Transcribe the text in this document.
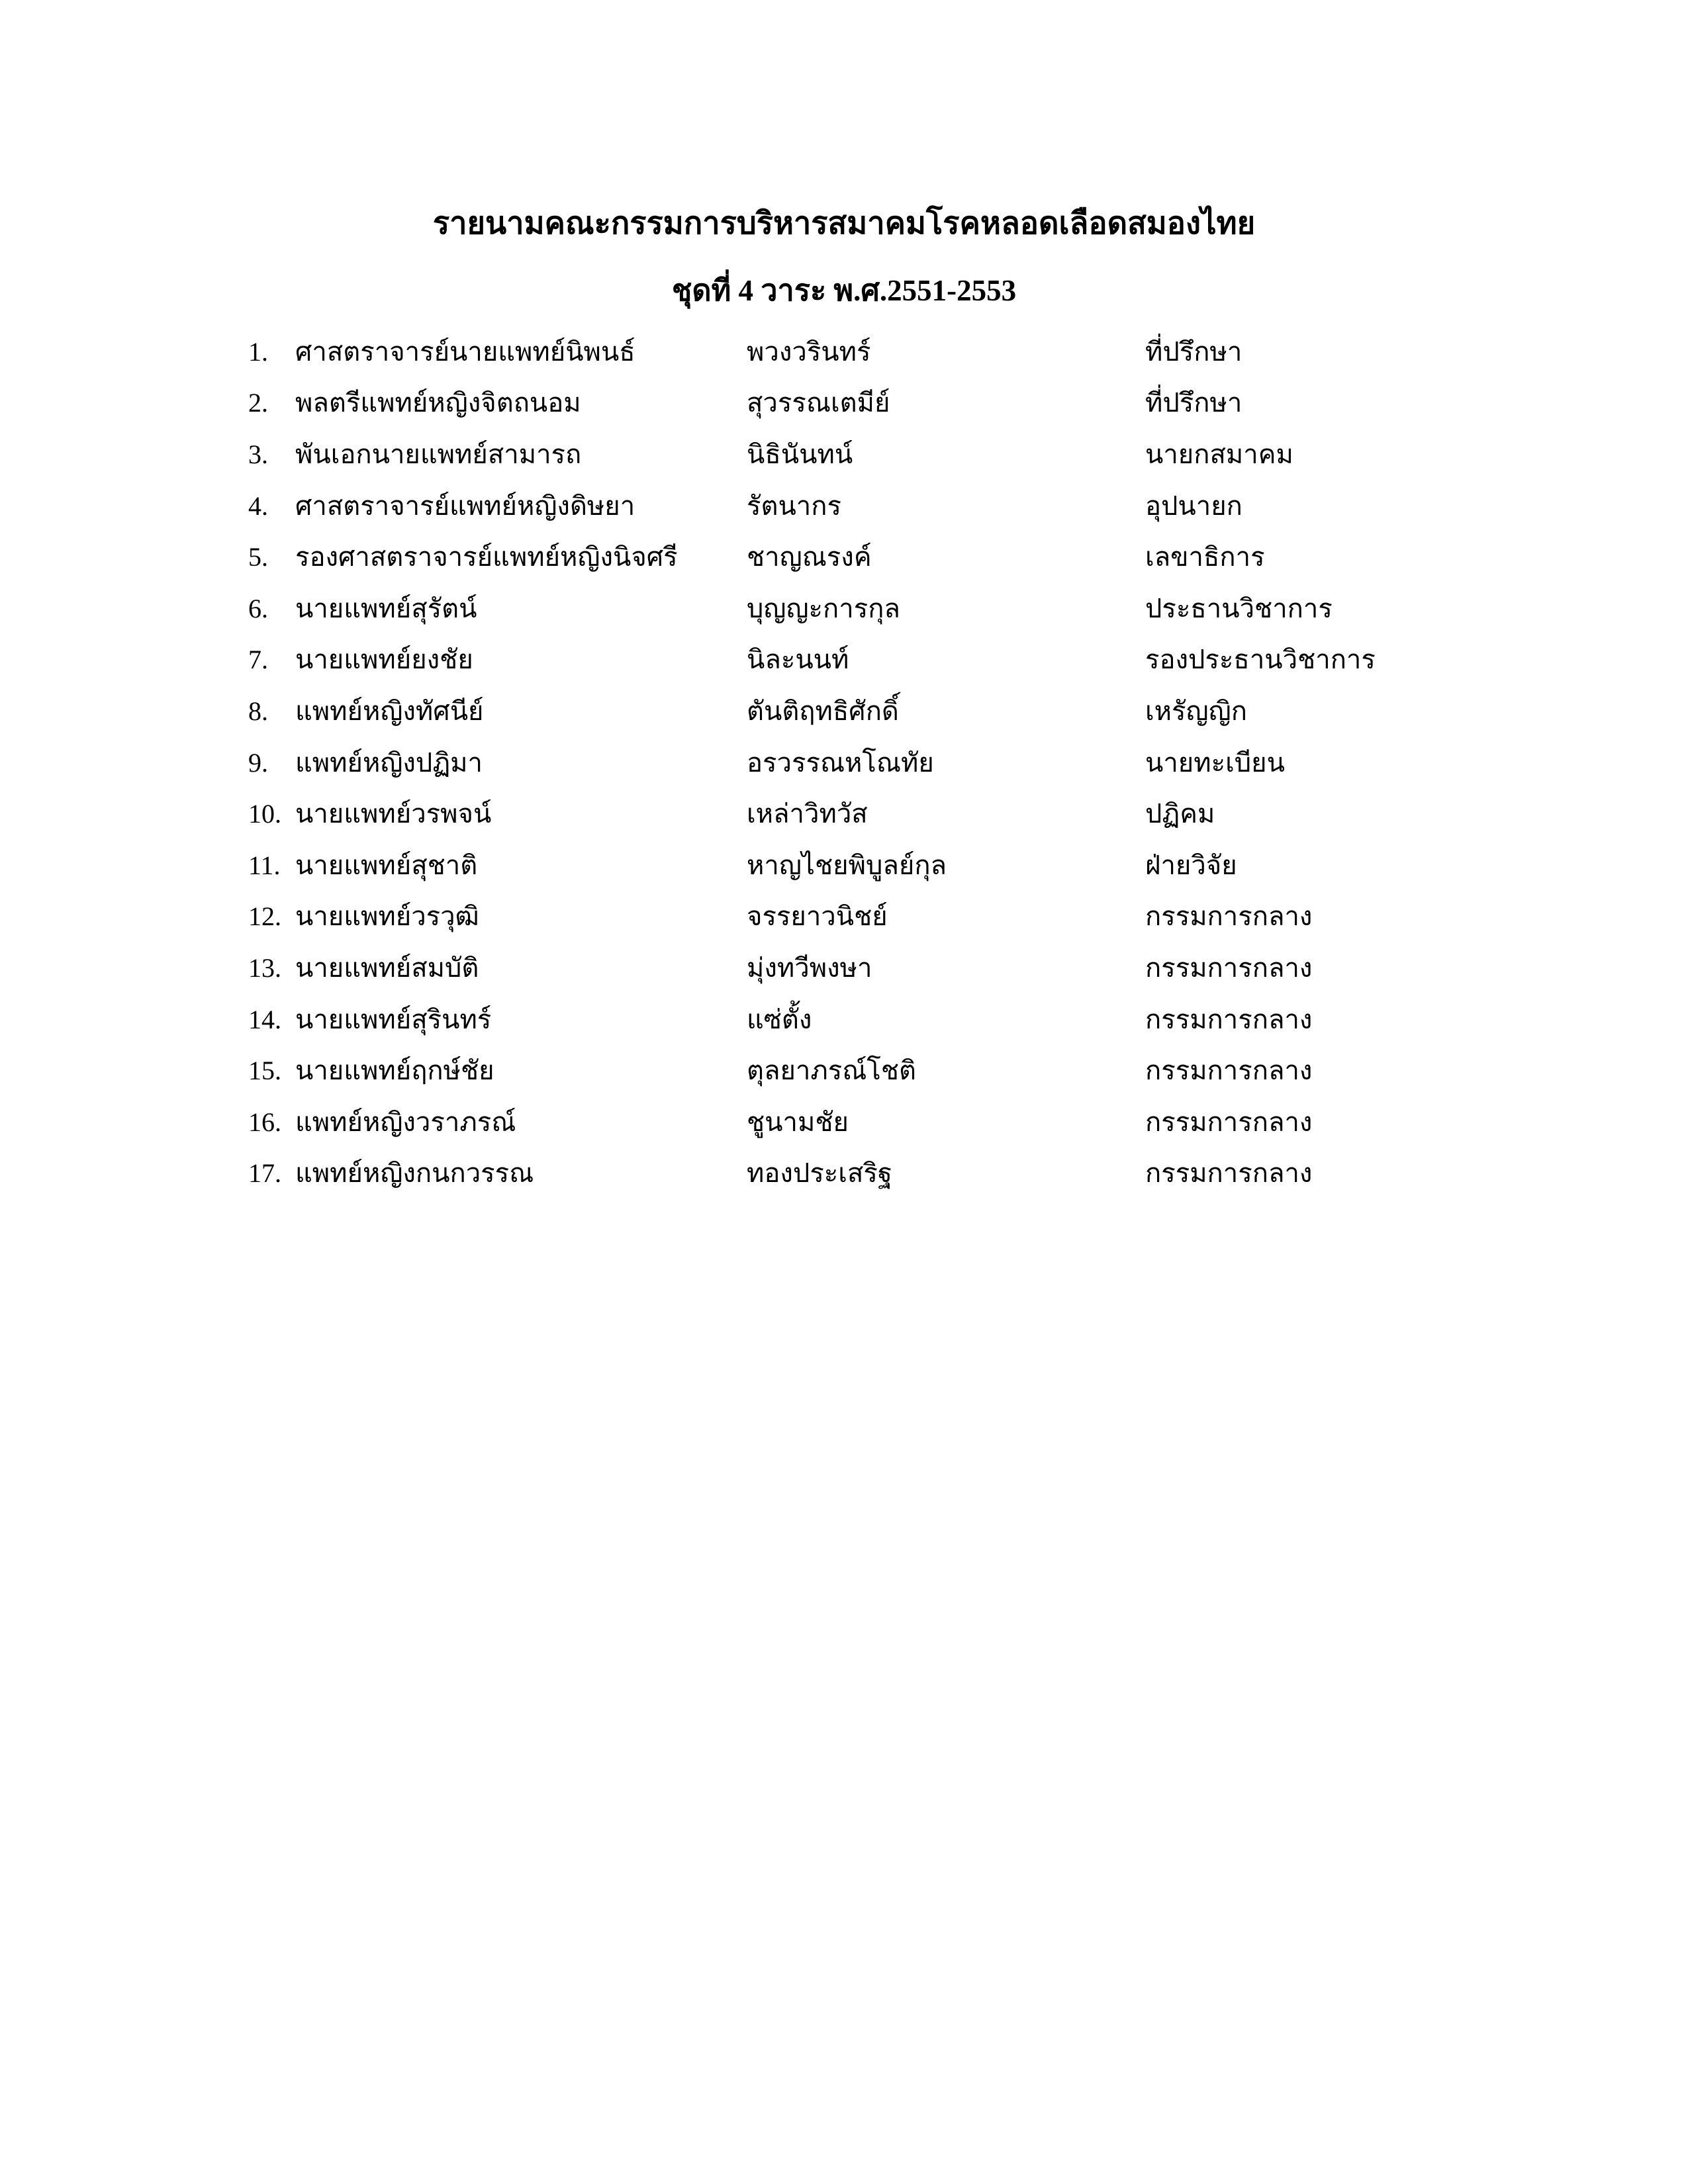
รายนามคณะกรรมการบริหารสมาคมโรคหลอดเลือดสมองไทย
ชุดที่ 4 วาระ พ.ศ.2551-2553
1.	ศาสตราจารย์นายแพทย์นิพนธ์	พวงวรินทร์	ที่ปรึกษา
2.	พลตรีแพทย์หญิงจิตถนอม	สุวรรณเตมีย์	ที่ปรึกษา
3.	พันเอกนายแพทย์สามารถ	นิธินันทน์	นายกสมาคม
4.	ศาสตราจารย์แพทย์หญิงดิษยา	รัตนากร	อุปนายก
5.	รองศาสตราจารย์แพทย์หญิงนิจศรี	ชาญณรงค์	เลขาธิการ
6.	นายแพทย์สุรัตน์	บุญญะการกุล	ประธานวิชาการ
7.	นายแพทย์ยงชัย	นิละนนท์	รองประธานวิชาการ
8.	แพทย์หญิงทัศนีย์	ตันติฤทธิศักดิ์	เหรัญญิก
9.	แพทย์หญิงปฏิมา	อรวรรณหโณทัย	นายทะเบียน
10. นายแพทย์วรพจน์	เหล่าวิทวัส	ปฏิคม
11. นายแพทย์สุชาติ	หาญไชยพิบูลย์กุล	ฝ่ายวิจัย
12. นายแพทย์วรวุฒิ	จรรยาวนิชย์	กรรมการกลาง
13. นายแพทย์สมบัติ	มุ่งทวีพงษา	กรรมการกลาง
14. นายแพทย์สุรินทร์	แซ่ตั้ง	กรรมการกลาง
15. นายแพทย์ฤกษ์ชัย	ตุลยาภรณ์โชติ	กรรมการกลาง
16. แพทย์หญิงวราภรณ์	ชูนามชัย	กรรมการกลาง
17. แพทย์หญิงกนกวรรณ	ทองประเสริฐ	กรรมการกลาง
